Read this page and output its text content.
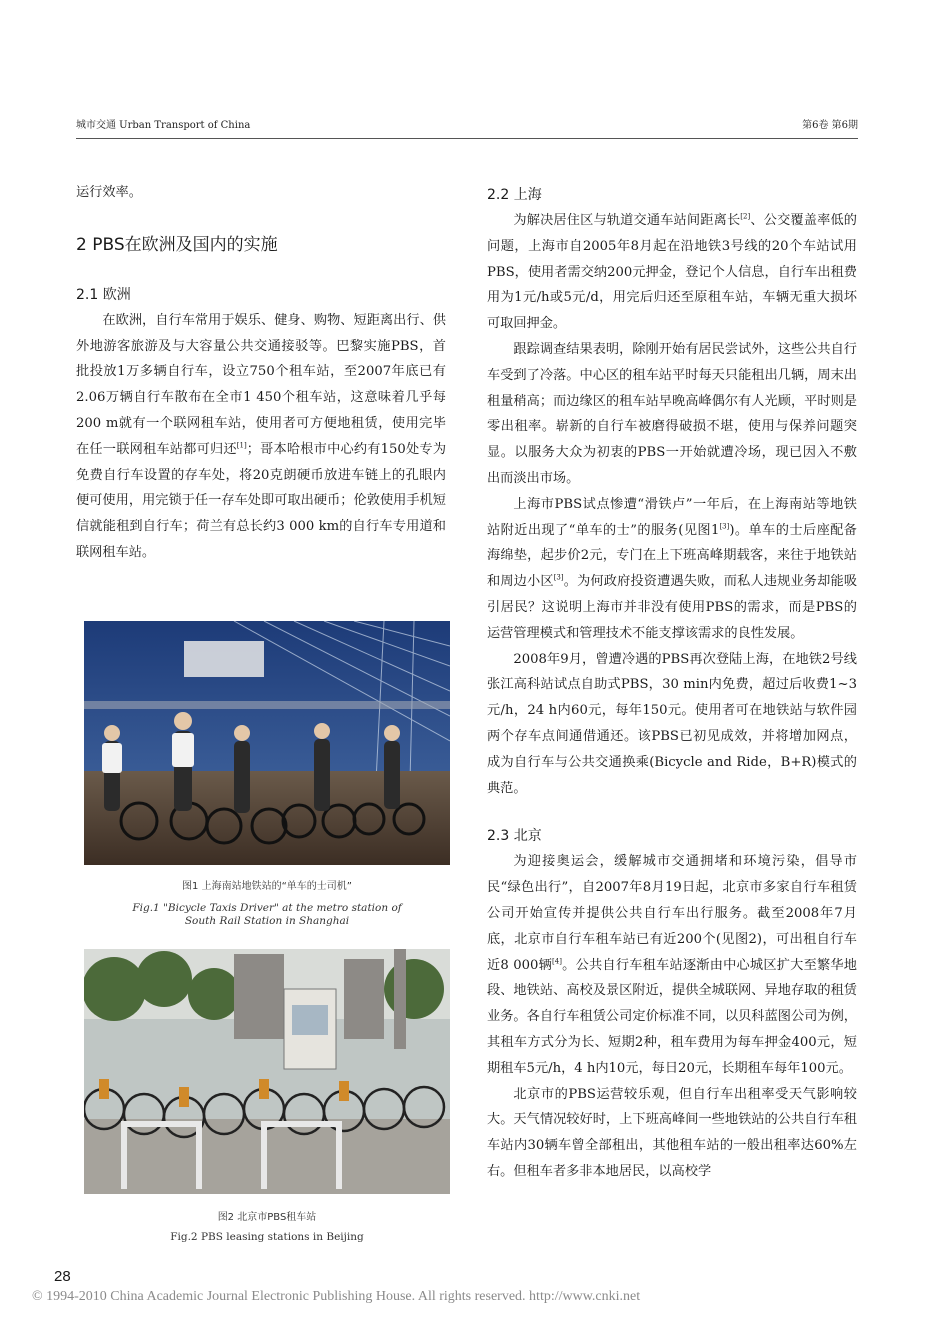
城市交通 Urban Transport of China	第6卷 第6期

运行效率。

2 PBS在欧洲及国内的实施
2.1 欧洲

在欧洲，自行车常用于娱乐、健身、购物、短距离出行、供外地游客旅游及与大容量公共交通接驳等。巴黎实施PBS，首批投放1万多辆自行车，设立750个租车站，至2007年底已有2.06万辆自行车散布在全市1 450个租车站，这意味着几乎每200 m就有一个联网租车站，使用者可方便地租赁，使用完毕在任一联网租车站都可归还[1]；哥本哈根市中心约有150处专为免费自行车设置的存车处，将20克朗硬币放进车链上的孔眼内便可使用，用完锁于任一存车处即可取出硬币；伦敦使用手机短信就能租到自行车；荷兰有总长约3 000 km的自行车专用道和联网租车站。

图1 上海南站地铁站的“单车的士司机”
Fig.1 "Bicycle Taxis Driver" at the metro station of
South Rail Station in Shanghai
图2 北京市PBS租车站
Fig.2 PBS leasing stations in Beijing
2.2 上海

为解决居住区与轨道交通车站间距离长[2]、公交覆盖率低的问题，上海市自2005年8月起在沿地铁3号线的20个车站试用PBS，使用者需交纳200元押金，登记个人信息，自行车出租费用为1元/h或5元/d，用完后归还至原租车站，车辆无重大损坏可取回押金。

跟踪调查结果表明，除刚开始有居民尝试外，这些公共自行车受到了冷落。中心区的租车站平时每天只能租出几辆，周末出租量稍高；而边缘区的租车站早晚高峰偶尔有人光顾，平时则是零出租率。崭新的自行车被磨得破损不堪，使用与保养问题突显。以服务大众为初衷的PBS一开始就遭冷场，现已因入不敷出而淡出市场。

上海市PBS试点惨遭“滑铁卢”一年后，在上海南站等地铁站附近出现了“单车的士”的服务(见图1[3])。单车的士后座配备海绵垫，起步价2元，专门在上下班高峰期载客，来往于地铁站和周边小区[3]。为何政府投资遭遇失败，而私人违规业务却能吸引居民？这说明上海市并非没有使用PBS的需求，而是PBS的运营管理模式和管理技术不能支撑该需求的良性发展。

2008年9月，曾遭冷遇的PBS再次登陆上海，在地铁2号线张江高科站试点自助式PBS，30 min内免费，超过后收费1~3元/h，24 h内60元，每年150元。使用者可在地铁站与软件园两个存车点间通借通还。该PBS已初见成效，并将增加网点，成为自行车与公共交通换乘(Bicycle and Ride，B+R)模式的典范。

2.3 北京

为迎接奥运会，缓解城市交通拥堵和环境污染，倡导市民“绿色出行”，自2007年8月19日起，北京市多家自行车租赁公司开始宣传并提供公共自行车出行服务。截至2008年7月底，北京市自行车租车站已有近200个(见图2)，可出租自行车近8 000辆[4]。公共自行车租车站逐渐由中心城区扩大至繁华地段、地铁站、高校及景区附近，提供全城联网、异地存取的租赁业务。各自行车租赁公司定价标准不同，以贝科蓝图公司为例，其租车方式分为长、短期2种，租车费用为每车押金400元，短期租车5元/h，4 h内10元，每日20元，长期租车每年100元。

北京市的PBS运营较乐观，但自行车出租率受天气影响较大。天气情况较好时，上下班高峰间一些地铁站的公共自行车租车站内30辆车曾全部租出，其他租车站的一般出租率达60%左右。但租车者多非本地居民，以高校学

28
© 1994-2010 China Academic Journal Electronic Publishing House. All rights reserved. http://www.cnki.net
